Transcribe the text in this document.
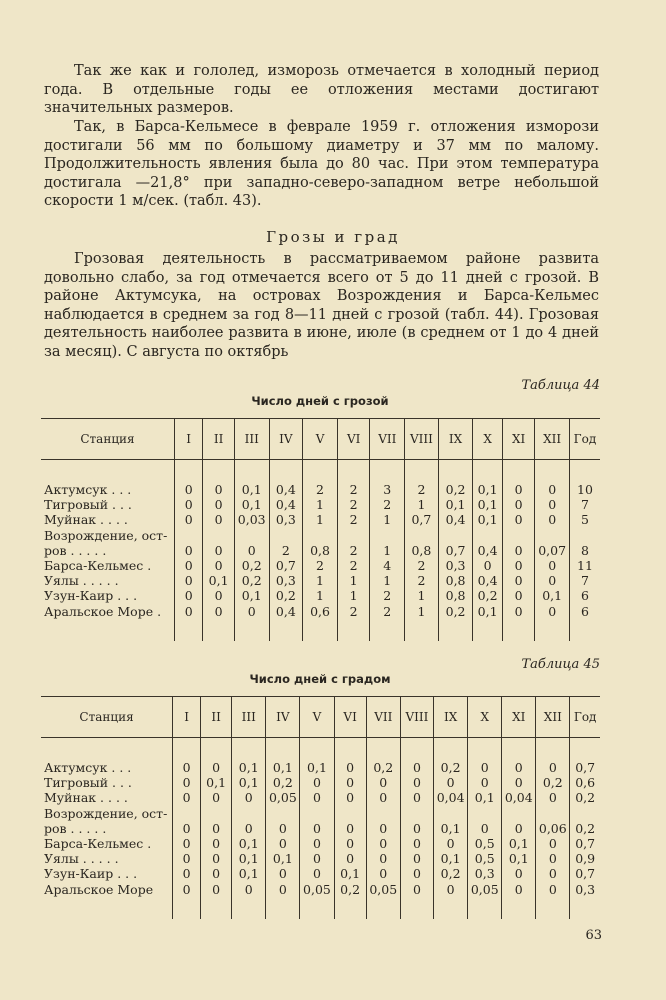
Так же как и гололед, изморозь отмечается в холодный период года. В отдельные годы ее отложения местами достигают значительных размеров.

Так, в Барса-Кельмесе в феврале 1959 г. отложения изморози достигали 56 мм по большому диаметру и 37 мм по малому. Продолжительность явления была до 80 час. При этом температура достигала —21,8° при западно-северо-западном ветре небольшой скорости 1 м/сек. (табл. 43).

Грозы и град

Грозовая деятельность в рассматриваемом районе развита довольно слабо, за год отмечается всего от 5 до 11 дней с грозой. В районе Актумсука, на островах Возрождения и Барса-Кельмес наблюдается в среднем за год 8—11 дней с грозой (табл. 44). Грозовая деятельность наиболее развита в июне, июле (в среднем от 1 до 4 дней за месяц). С августа по октябрь

Таблица 44
Число дней с грозой
Станция	I	II	III	IV	V	VI	VII	VIII	IX	X	XI	XII	Год

Актумсук . . .	0	0	0,1	0,4	2	2	3	2	0,2	0,1	0	0	10
Тигровый . . .	0	0	0,1	0,4	1	2	2	1	0,1	0,1	0	0	7
Муйнак . . . .	0	0	0,03	0,3	1	2	1	0,7	0,4	0,1	0	0	5
Возрождение, ост-													
ров . . . . .	0	0	0	2	0,8	2	1	0,8	0,7	0,4	0	0,07	8
Барса-Кельмес .	0	0	0,2	0,7	2	2	4	2	0,3	0	0	0	11
Уялы . . . . .	0	0,1	0,2	0,3	1	1	1	2	0,8	0,4	0	0	7
Узун-Каир . . .	0	0	0,1	0,2	1	1	2	1	0,8	0,2	0	0,1	6
Аральское Море .	0	0	0	0,4	0,6	2	2	1	0,2	0,1	0	0	6

Таблица 45
Число дней с градом
Станция	I	II	III	IV	V	VI	VII	VIII	IX	X	XI	XII	Год

Актумсук . . .	0	0	0,1	0,1	0,1	0	0,2	0	0,2	0	0	0	0,7
Тигровый . . .	0	0,1	0,1	0,2	0	0	0	0	0	0	0	0,2	0,6
Муйнак . . . .	0	0	0	0,05	0	0	0	0	0,04	0,1	0,04	0	0,2
Возрождение, ост-													
ров . . . . .	0	0	0	0	0	0	0	0	0,1	0	0	0,06	0,2
Барса-Кельмес .	0	0	0,1	0	0	0	0	0	0	0,5	0,1	0	0,7
Уялы . . . . .	0	0	0,1	0,1	0	0	0	0	0,1	0,5	0,1	0	0,9
Узун-Каир . . .	0	0	0,1	0	0	0,1	0	0	0,2	0,3	0	0	0,7
Аральское Море	0	0	0	0	0,05	0,2	0,05	0	0	0,05	0	0	0,3

63
